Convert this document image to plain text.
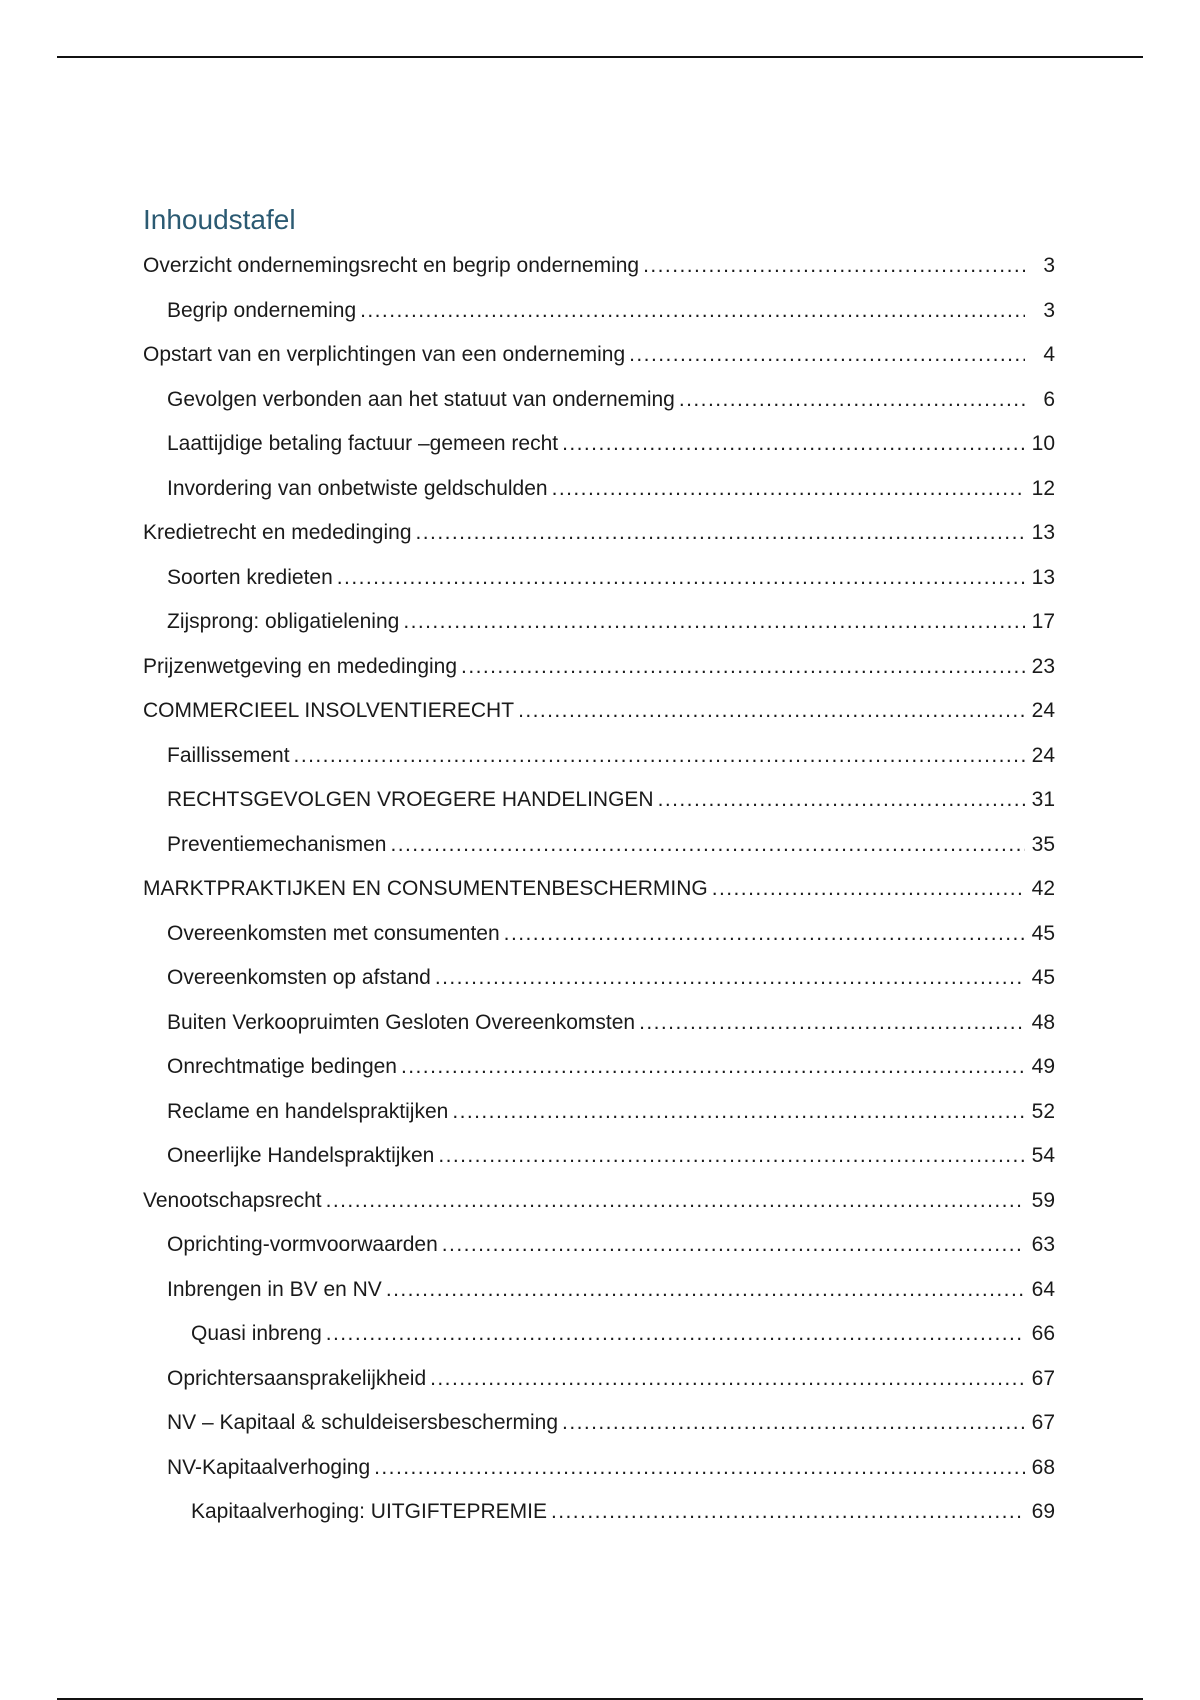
Inhoudstafel
Overzicht ondernemingsrecht en begrip onderneming . . .	3
Begrip onderneming . . .	3
Opstart van en verplichtingen van een onderneming . . .	4
Gevolgen verbonden aan het statuut van onderneming . . .	6
Laattijdige betaling factuur –gemeen recht . . .	10
Invordering van onbetwiste geldschulden . . .	12
Kredietrecht en mededinging . . .	13
Soorten kredieten . . .	13
Zijsprong: obligatielening . . .	17
Prijzenwetgeving en mededinging . . .	23
COMMERCIEEL INSOLVENTIERECHT . . .	24
Faillissement . . .	24
RECHTSGEVOLGEN VROEGERE HANDELINGEN . . .	31
Preventiemechanismen . . .	35
MARKTPRAKTIJKEN EN CONSUMENTENBESCHERMING . . .	42
Overeenkomsten met consumenten . . .	45
Overeenkomsten op afstand . . .	45
Buiten Verkoopruimten Gesloten Overeenkomsten . . .	48
Onrechtmatige bedingen . . .	49
Reclame en handelspraktijken . . .	52
Oneerlijke Handelspraktijken . . .	54
Venootschapsrecht . . .	59
Oprichting-vormvoorwaarden . . .	63
Inbrengen in BV en NV . . .	64
Quasi inbreng . . .	66
Oprichtersaansprakelijkheid . . .	67
NV – Kapitaal & schuldeisersbescherming . . .	67
NV-Kapitaalverhoging . . .	68
Kapitaalverhoging: UITGIFTEPREMIE . . .	69
